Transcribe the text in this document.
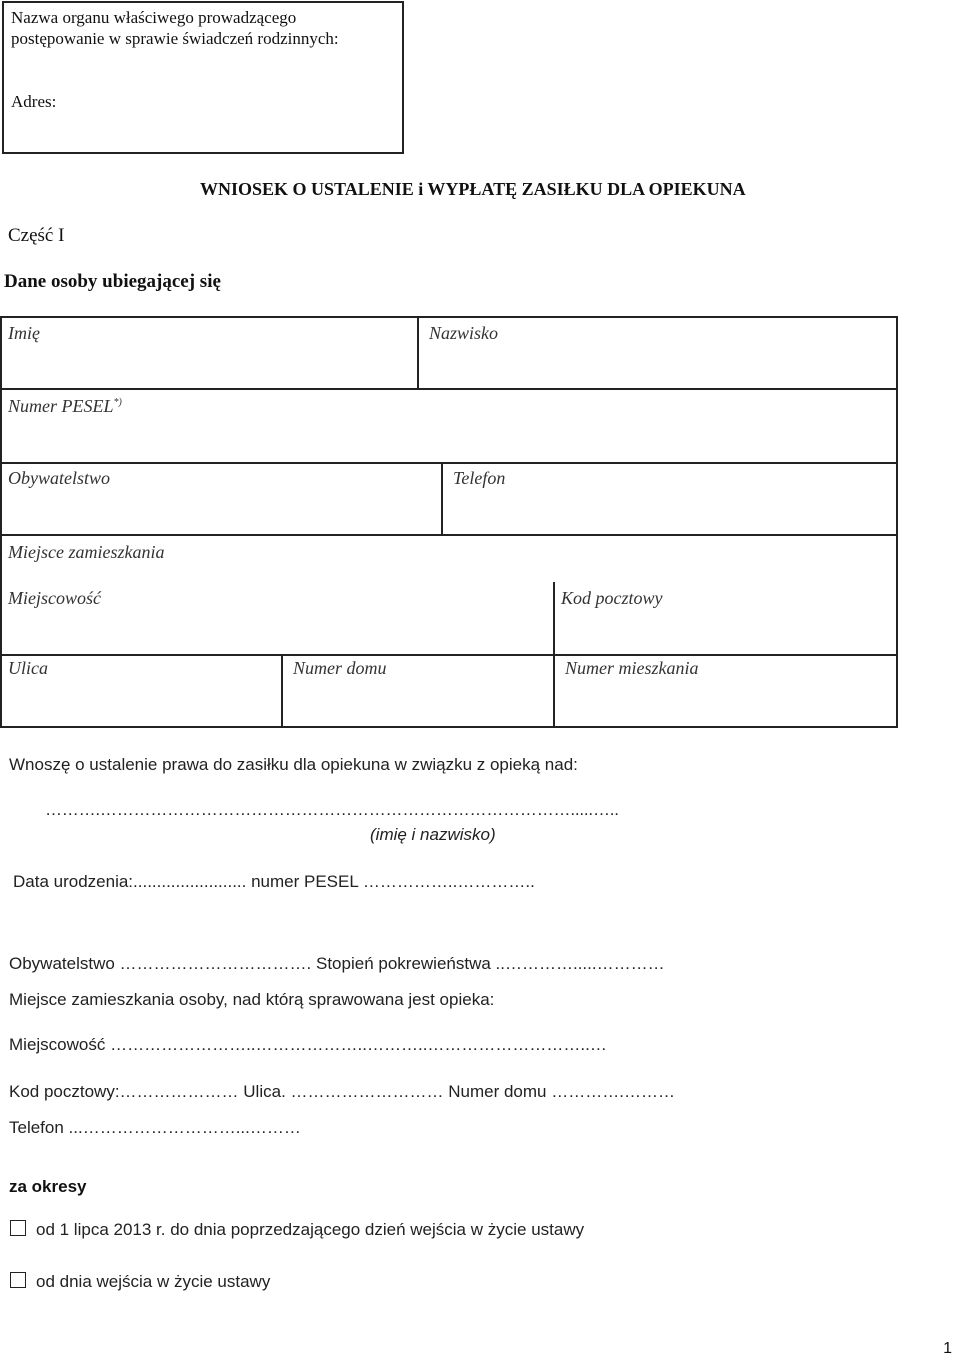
Nazwa organu właściwego prowadzącego
postępowanie w sprawie świadczeń rodzinnych:
Adres:
WNIOSEK O USTALENIE i WYPŁATĘ ZASIŁKU DLA OPIEKUNA
Część I
Dane osoby ubiegającej się
Imię	Nazwisko
Numer PESEL*)
Obywatelstwo	Telefon
Miejsce zamieszkania
Miejscowość	Kod pocztowy
Ulica	Numer domu	Numer mieszkania
Wnoszę o ustalenie prawa do zasiłku dla opiekuna w związku z opieką nad:
……….………………………………………………………………………….....…..
(imię i nazwisko)
Data urodzenia:........................ numer PESEL ……………..…………..
Obywatelstwo ……………………………. Stopień pokrewieństwa ..………….....…………
Miejsce zamieszkania osoby, nad którą sprawowana jest opieka:
Miejscowość ……………………..………………..………..………………………..…
Kod pocztowy:………………… Ulica. ……………………… Numer domu ………….………
Telefon ...………………………...………
za okresy
od 1 lipca 2013 r. do dnia poprzedzającego dzień wejścia w życie ustawy
od dnia wejścia w życie ustawy
1
